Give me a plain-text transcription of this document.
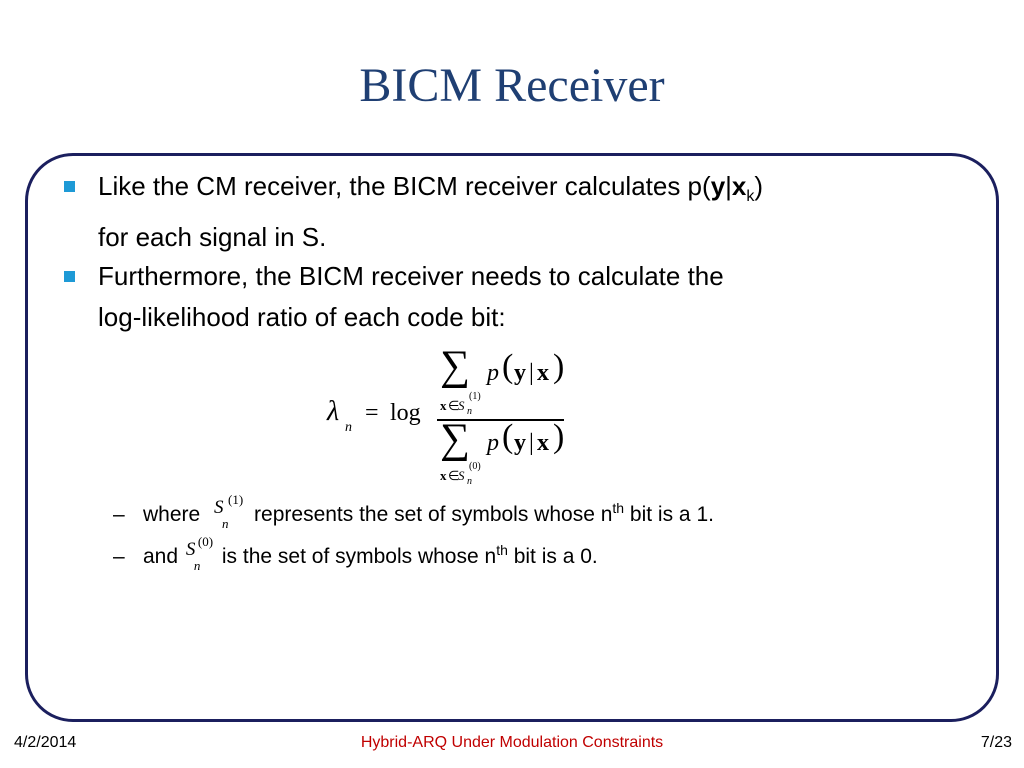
BICM Receiver
Like the CM receiver, the BICM receiver calculates $p(y|x_k)$
for each signal in S.
Furthermore, the BICM receiver needs to calculate the
log-likelihood ratio of each code bit:
λ
n
= log
∑ p ( y | x )
x ∈
S n
(1)
∑ p ( y | x )
x ∈
S n
(0)
– where S
n
(1)
represents the set of symbols whose $n^{th}$ bit is a 1.
– and S
n
(0)
is the set of symbols whose $n^{th}$ bit is a 0.
4/2/2014	Hybrid-ARQ Under Modulation Constraints	7/23
